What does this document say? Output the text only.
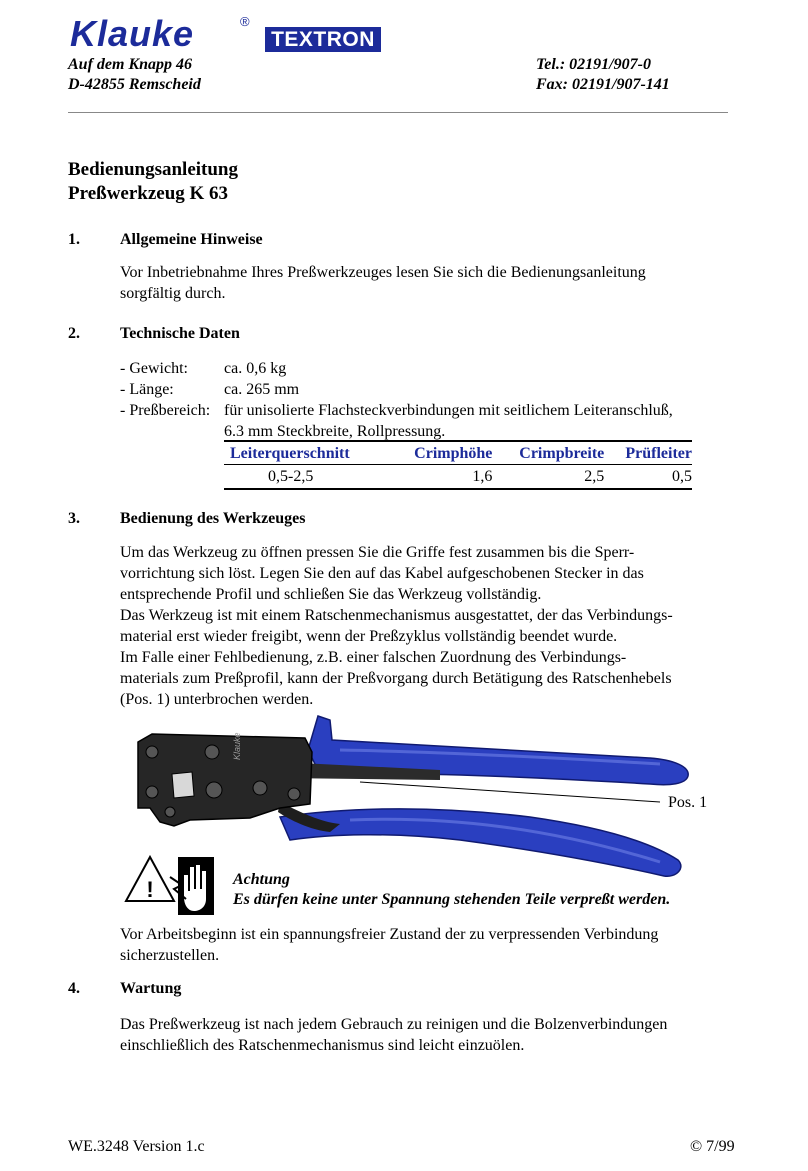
Klauke	®
TEXTRON
Auf dem Knapp 46
D-42855 Remscheid
Tel.: 02191/907-0
Fax: 02191/907-141
Bedienungsanleitung
Preßwerkzeug K 63
1.	Allgemeine Hinweise
Vor Inbetriebnahme Ihres Preßwerkzeuges lesen Sie sich die Bedienungsanleitung
sorgfältig durch.
2.	Technische Daten
- Gewicht: ca. 0,6 kg
- Länge:	ca. 265 mm
- Preßbereich: für unisolierte Flachsteckverbindungen mit seitlichem Leiteranschluß,
6.3 mm Steckbreite, Rollpressung.
Leiterquerschnitt	Crimphöhe	Crimpbreite	Prüfleiter
0,5-2,5	1,6	2,5	0,5
3.	Bedienung des Werkzeuges
Um das Werkzeug zu öffnen pressen Sie die Griffe fest zusammen bis die Sperr-
vorrichtung sich löst. Legen Sie den auf das Kabel aufgeschobenen Stecker in das
entsprechende Profil und schließen Sie das Werkzeug vollständig.
Das Werkzeug ist mit einem Ratschenmechanismus ausgestattet, der das Verbindungs-
material erst wieder freigibt, wenn der Preßzyklus vollständig beendet wurde.
Im Falle einer Fehlbedienung, z.B. einer falschen Zuordnung des Verbindungs-
materials zum Preßprofil, kann der Preßvorgang durch Betätigung des Ratschenhebels
(Pos. 1) unterbrochen werden.
Klauke
Pos. 1
!	Achtung
Es dürfen keine unter Spannung stehenden Teile verpreßt werden.
Vor Arbeitsbeginn ist ein spannungsfreier Zustand der zu verpressenden Verbindung
sicherzustellen.
4.	Wartung
Das Preßwerkzeug ist nach jedem Gebrauch zu reinigen und die Bolzenverbindungen
einschließlich des Ratschenmechanismus sind leicht einzuölen.
WE.3248 Version 1.c	© 7/99
